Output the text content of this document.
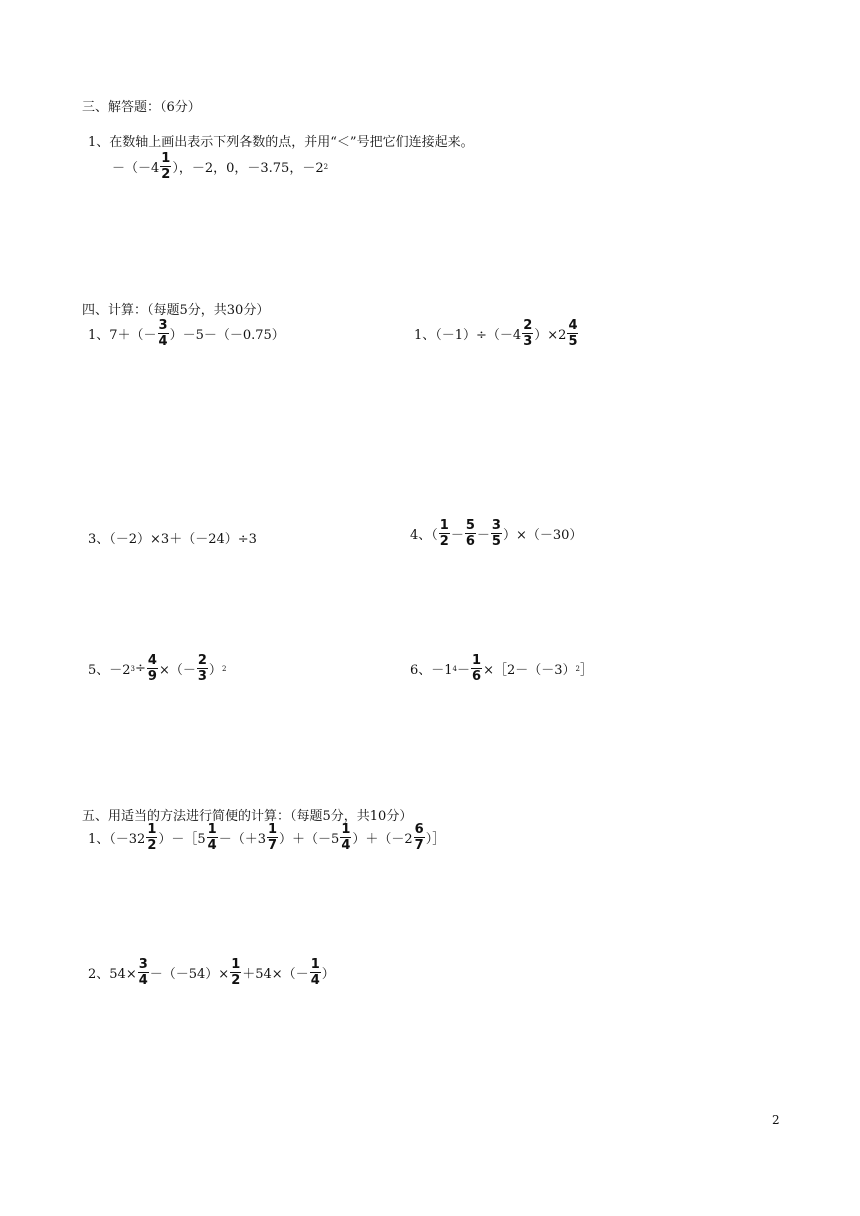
三、解答题：（6分）
1、在数轴上画出表示下列各数的点，并用“＜”号把它们连接起来。
$-(-4 \frac{1}{2}$ ），－2，0，－3.75，－2 2
四、计算：（每题5分，共30分）
1、$7+(- \frac{3}{4} )-5-(-0.75)$	1、$(-1)\div(-4 \frac{2}{3} )\times 2 \frac{4}{5}$
3、（－2）×3＋（－24）÷3	4、（ $\frac{1}{2} - \frac{5}{6} - \frac{3}{5} )\times(-30)$
5、－2 $3 \div \frac{4}{9}$ ×（－ $\frac{2}{3}$ ） 2	6、－1 $4 - \frac{1}{6}$ ×［2－（－3） 2 ］
五、用适当的方法进行简便的计算：（每题5分，共10分）
1、（$-32 \frac{1}{2}$ ）－［5 $\frac{1}{4} -(+3 \frac{1}{7} )+(-5 \frac{1}{4} )+(-2 \frac{6}{7}$ ）］
2、$54\times \frac{3}{4} -(-54)\times \frac{1}{2} +54\times(- \frac{1}{4}$ ）
2
